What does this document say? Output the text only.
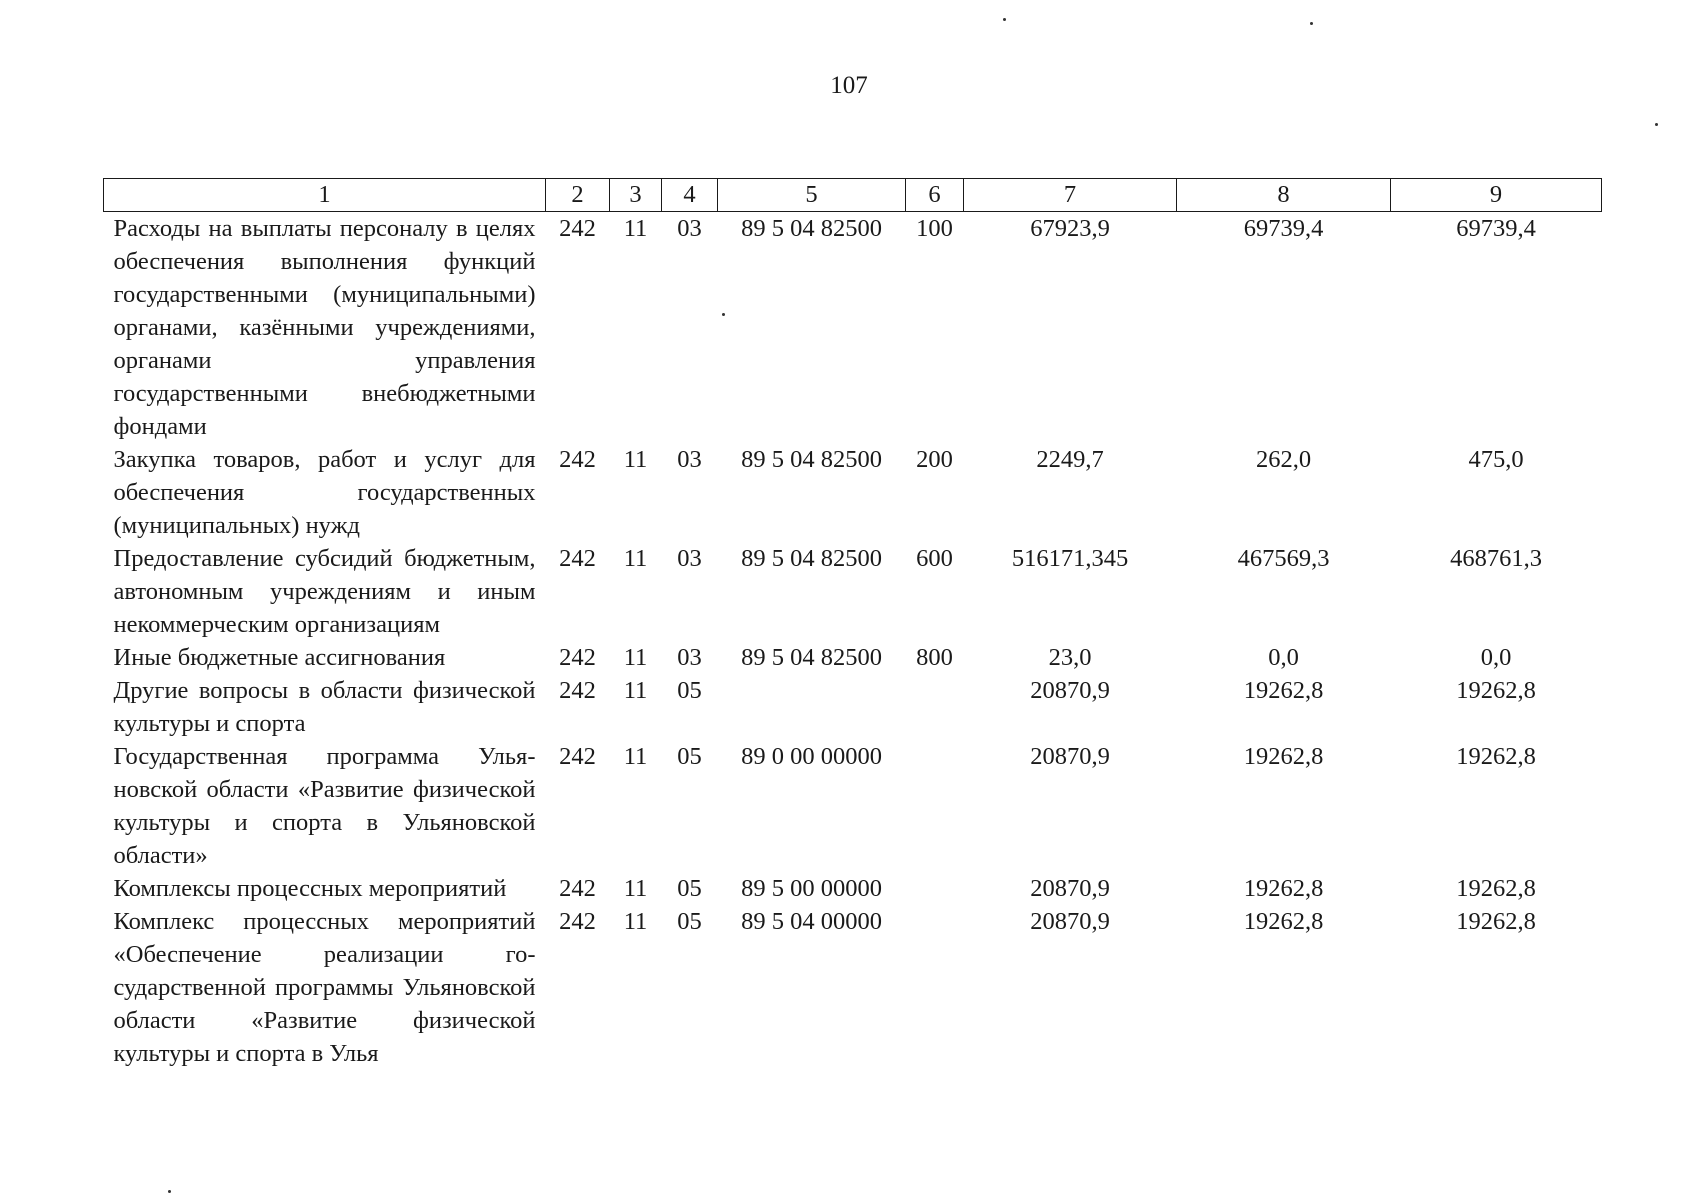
107
1	2	3	4	5	6	7	8	9
Расходы на выплаты персоналу в целях обеспечения выполнения функций государственными (муниципальными) органами, казёнными учреждениями, органами управления государственными внебюджетными фондами	242	11	03	89 5 04 82500	100	67923,9	69739,4	69739,4
Закупка товаров, работ и услуг для обеспечения государственных (муниципальных) нужд	242	11	03	89 5 04 82500	200	2249,7	262,0	475,0
Предоставление субсидий бюджетным, автономным учреждениям и иным некоммерческим организациям	242	11	03	89 5 04 82500	600	516171,345	467569,3	468761,3
Иные бюджетные ассигнования	242	11	03	89 5 04 82500	800	23,0	0,0	0,0
Другие вопросы в области физической культуры и спорта	242	11	05			20870,9	19262,8	19262,8
Государственная программа Ульяновской области «Развитие физической культуры и спорта в Ульяновской области»	242	11	05	89 0 00 00000		20870,9	19262,8	19262,8
Комплексы процессных мероприятий	242	11	05	89 5 00 00000		20870,9	19262,8	19262,8
Комплекс процессных мероприятий «Обеспечение реализации государственной программы Ульяновской области «Развитие физической культуры и спорта в Улья	242	11	05	89 5 04 00000		20870,9	19262,8	19262,8
